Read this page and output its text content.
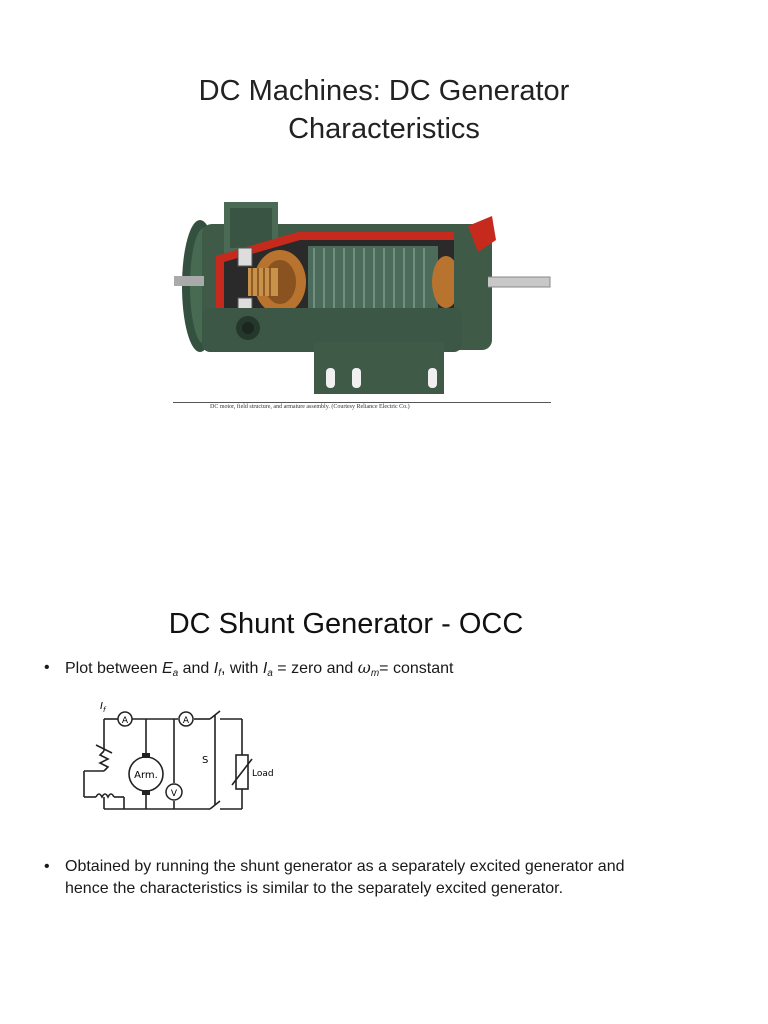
DC Machines: DC Generator
Characteristics
DC motor, field structure, and armature assembly. (Courtesy Reliance Electric Co.)
DC Shunt Generator - OCC
• Plot between $E_a$ and $I_f$, with $I_a$ = zero and $\omega_m=$ constant
A	A
Arm.
V
$I_f$
S
Load
• Obtained by running the shunt generator as a separately excited generator and hence the characteristics is similar to the separately excited generator.
